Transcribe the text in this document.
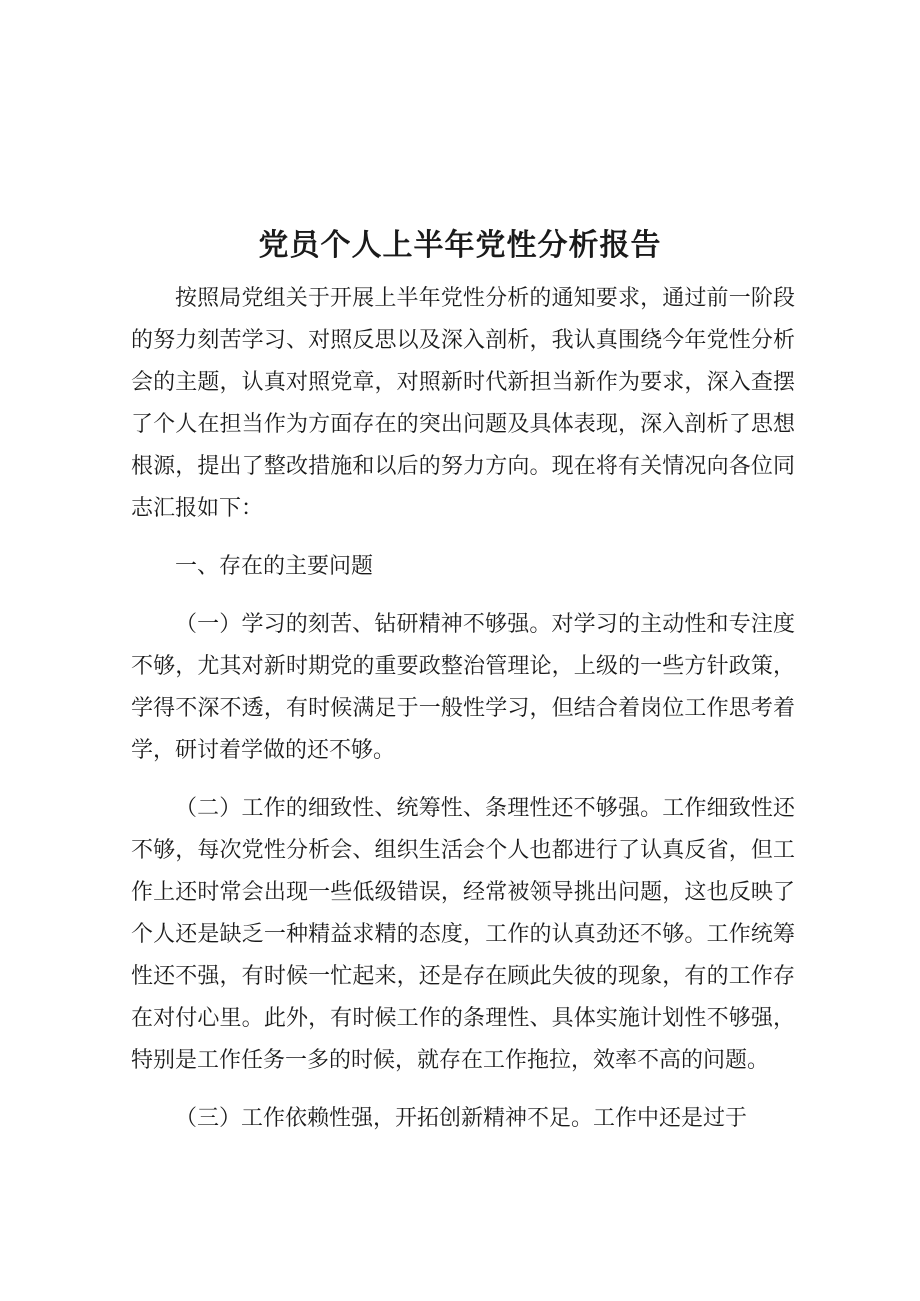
党员个人上半年党性分析报告

按照局党组关于开展上半年党性分析的通知要求，通过前一阶段的努力刻苦学习、对照反思以及深入剖析，我认真围绕今年党性分析会的主题，认真对照党章，对照新时代新担当新作为要求，深入查摆了个人在担当作为方面存在的突出问题及具体表现，深入剖析了思想根源，提出了整改措施和以后的努力方向。现在将有关情况向各位同志汇报如下：

一、存在的主要问题

（一）学习的刻苦、钻研精神不够强。对学习的主动性和专注度不够，尤其对新时期党的重要政整治管理论，上级的一些方针政策，学得不深不透，有时候满足于一般性学习，但结合着岗位工作思考着学，研讨着学做的还不够。

（二）工作的细致性、统筹性、条理性还不够强。工作细致性还不够，每次党性分析会、组织生活会个人也都进行了认真反省，但工作上还时常会出现一些低级错误，经常被领导挑出问题，这也反映了个人还是缺乏一种精益求精的态度，工作的认真劲还不够。工作统筹性还不强，有时候一忙起来，还是存在顾此失彼的现象，有的工作存在对付心里。此外，有时候工作的条理性、具体实施计划性不够强，特别是工作任务一多的时候，就存在工作拖拉，效率不高的问题。

（三）工作依赖性强，开拓创新精神不足。工作中还是过于
